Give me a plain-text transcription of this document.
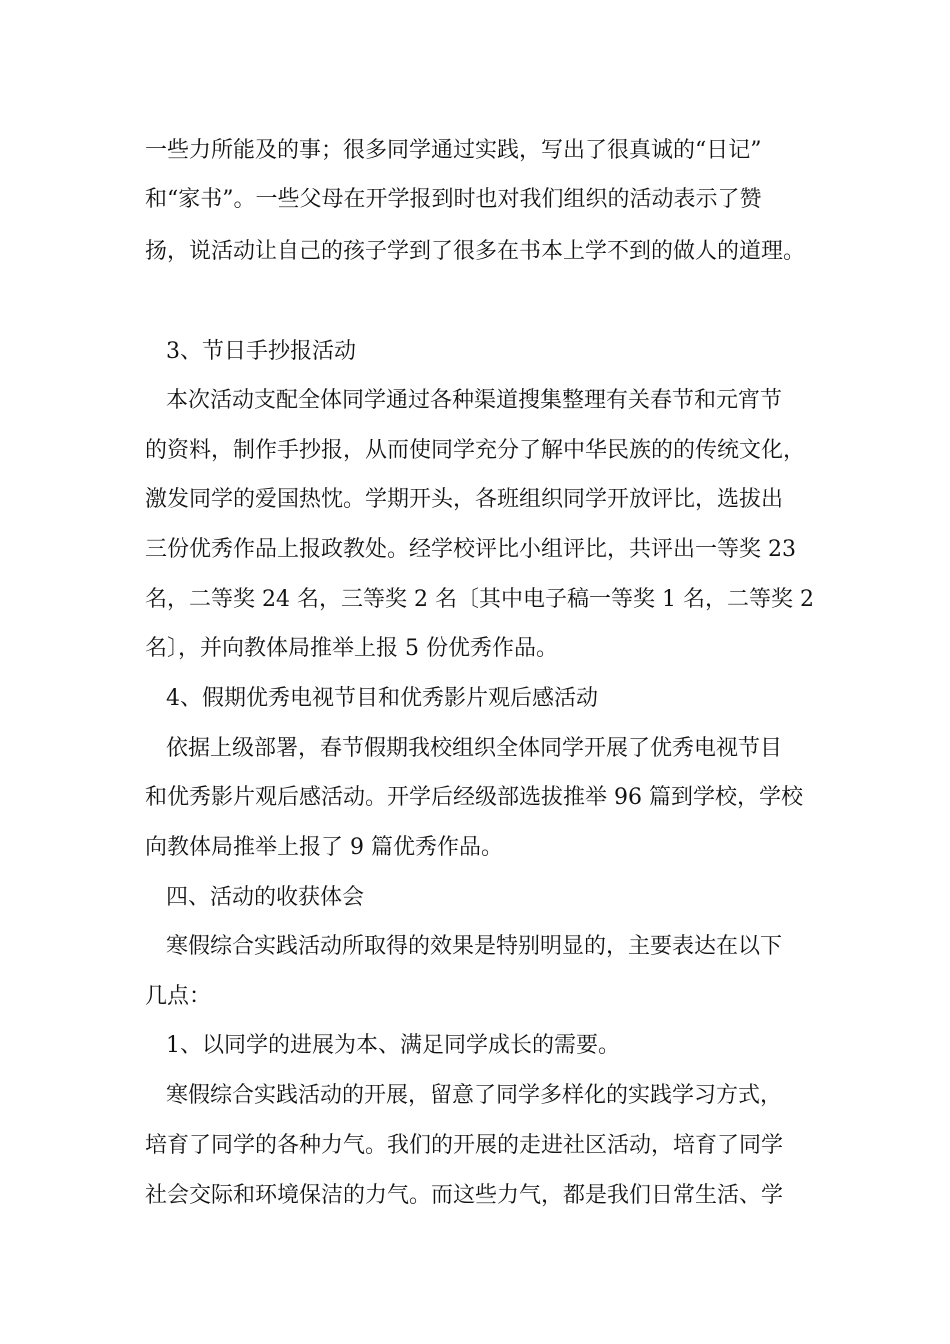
一些力所能及的事；很多同学通过实践，写出了很真诚的“日记”
和“家书”。一些父母在开学报到时也对我们组织的活动表示了赞
扬，说活动让自己的孩子学到了很多在书本上学不到的做人的道理。
3、节日手抄报活动
本次活动支配全体同学通过各种渠道搜集整理有关春节和元宵节
的资料，制作手抄报，从而使同学充分了解中华民族的的传统文化，
激发同学的爱国热忱。学期开头，各班组织同学开放评比，选拔出
三份优秀作品上报政教处。经学校评比小组评比，共评出一等奖 23
名，二等奖 24 名，三等奖 2 名〔其中电子稿一等奖 1 名，二等奖 2
名〕，并向教体局推举上报 5 份优秀作品。
4、假期优秀电视节目和优秀影片观后感活动
依据上级部署，春节假期我校组织全体同学开展了优秀电视节目
和优秀影片观后感活动。开学后经级部选拔推举 96 篇到学校，学校
向教体局推举上报了 9 篇优秀作品。
四、活动的收获体会
寒假综合实践活动所取得的效果是特别明显的，主要表达在以下
几点：
1、以同学的进展为本、满足同学成长的需要。
寒假综合实践活动的开展，留意了同学多样化的实践学习方式，
培育了同学的各种力气。我们的开展的走进社区活动，培育了同学
社会交际和环境保洁的力气。而这些力气，都是我们日常生活、学
